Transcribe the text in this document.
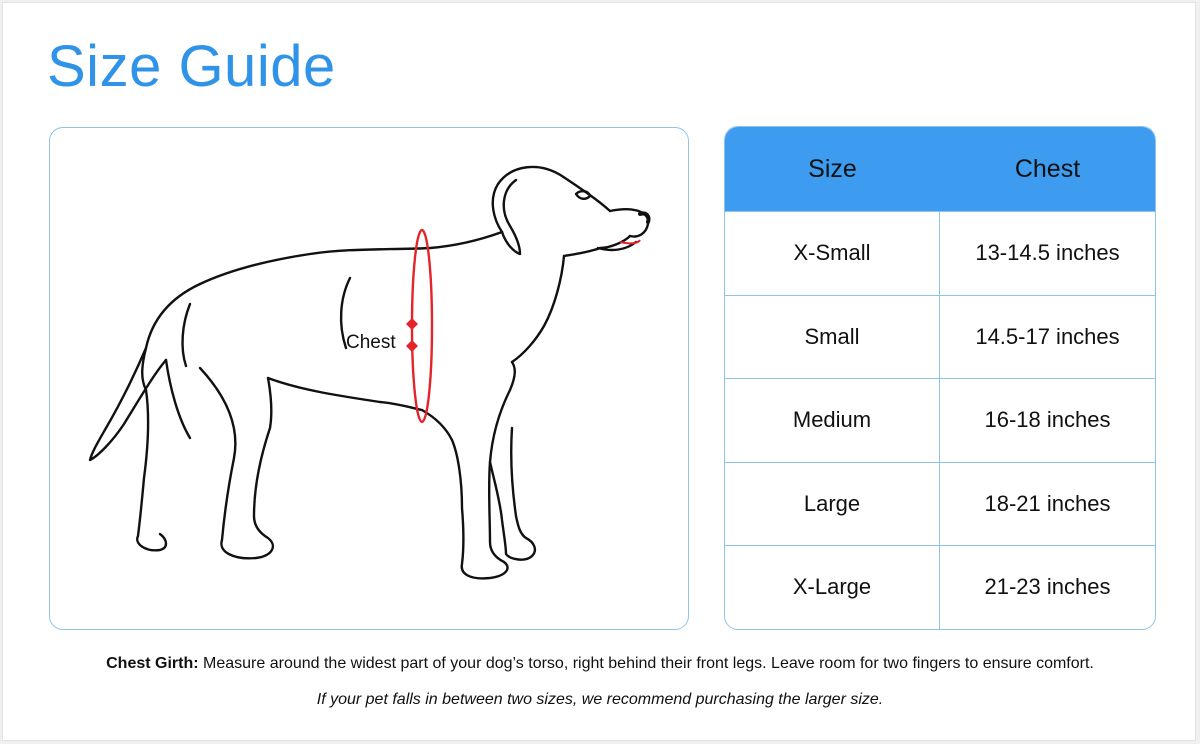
Size Guide
Chest
Size	Chest
X-Small	13-14.5 inches
Small	14.5-17 inches
Medium	16-18 inches
Large	18-21 inches
X-Large	21-23 inches
Chest Girth: Measure around the widest part of your dog’s torso, right behind their front legs. Leave room for two fingers to ensure comfort.
If your pet falls in between two sizes, we recommend purchasing the larger size.
